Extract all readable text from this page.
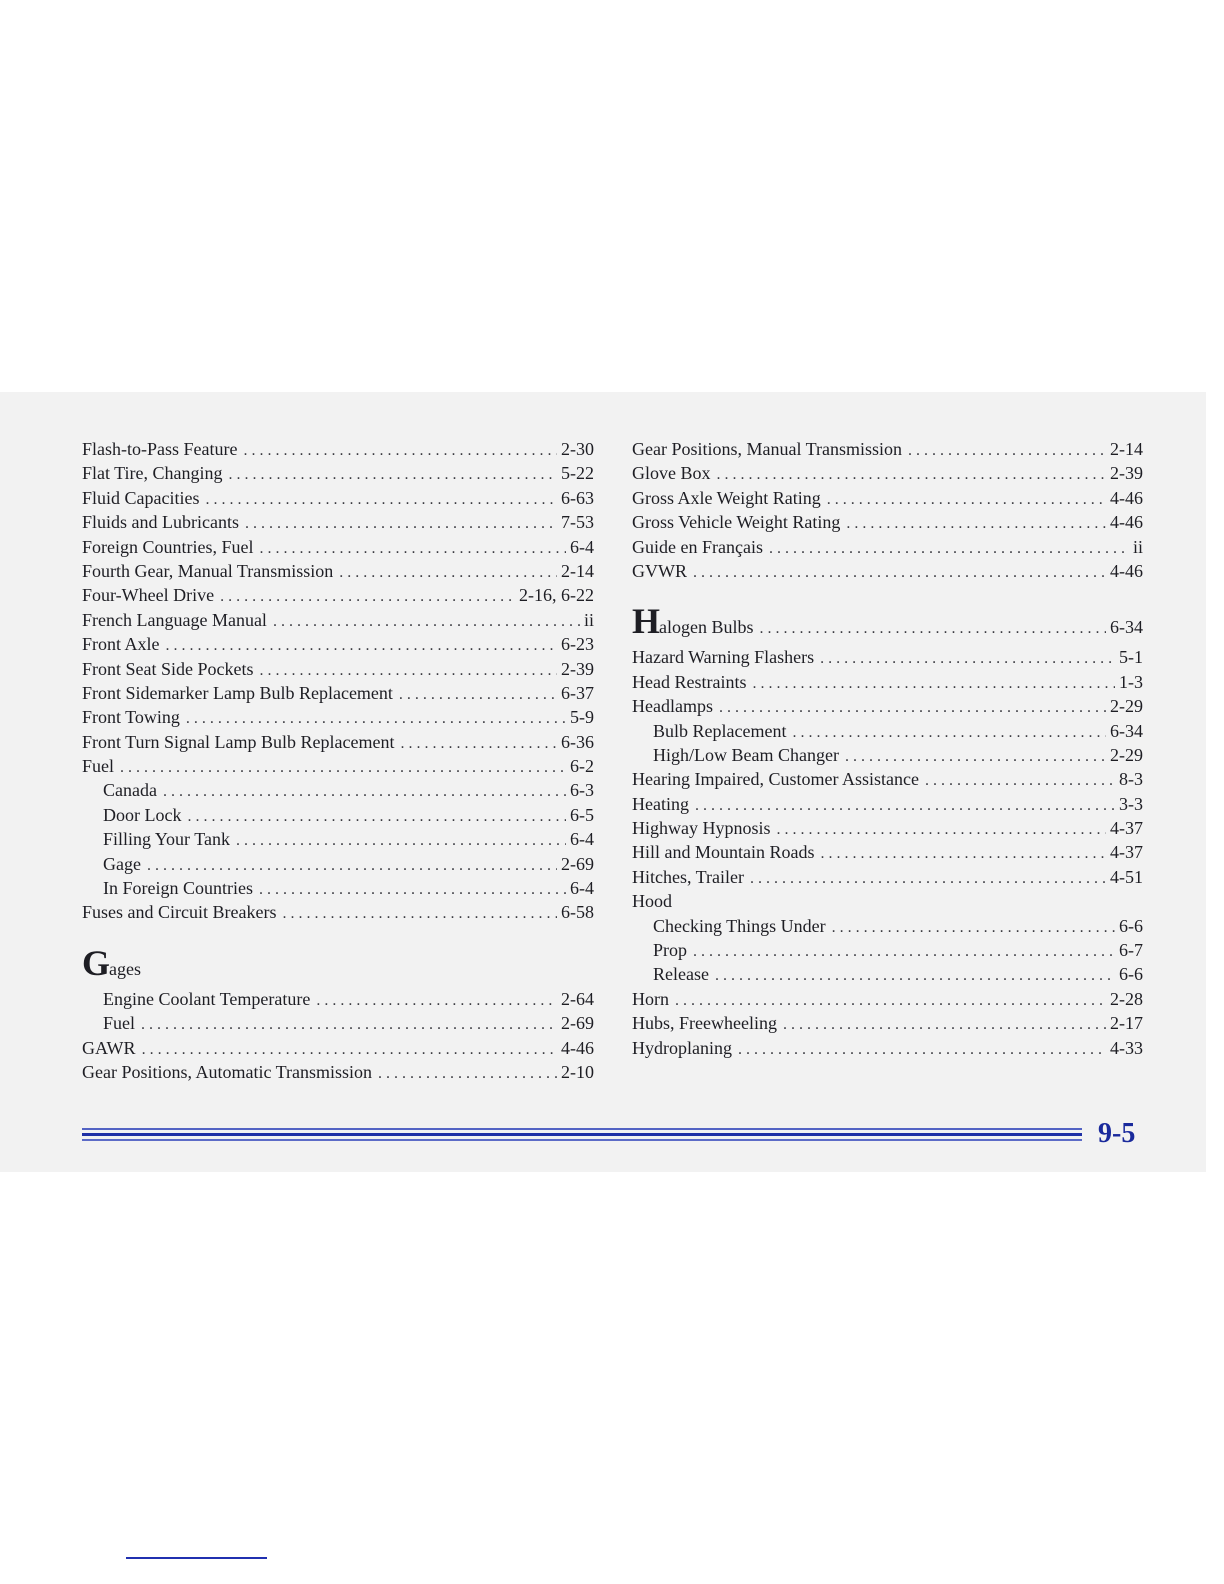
Flash-to-Pass Feature . . .	2-30
Flat Tire, Changing . . .	5-22
Fluid Capacities . . .	6-63
Fluids and Lubricants . . .	7-53
Foreign Countries, Fuel . . .	6-4
Fourth Gear, Manual Transmission . . .	2-14
Four-Wheel Drive . . .	2-16, 6-22
French Language Manual . . .	ii
Front Axle . . .	6-23
Front Seat Side Pockets . . .	2-39
Front Sidemarker Lamp Bulb Replacement . . .	6-37
Front Towing . . .	5-9
Front Turn Signal Lamp Bulb Replacement . . .	6-36
Fuel . . .	6-2
Canada . . .	6-3
Door Lock . . .	6-5
Filling Your Tank . . .	6-4
Gage . . .	2-69
In Foreign Countries . . .	6-4
Fuses and Circuit Breakers . . .	6-58
Gages
Engine Coolant Temperature . . .	2-64
Fuel . . .	2-69
GAWR . . .	4-46
Gear Positions, Automatic Transmission . . .	2-10
Gear Positions, Manual Transmission . . .	2-14
Glove Box . . .	2-39
Gross Axle Weight Rating . . .	4-46
Gross Vehicle Weight Rating . . .	4-46
Guide en Français . . .	ii
GVWR . . .	4-46
Halogen Bulbs . . .	6-34
Hazard Warning Flashers . . .	5-1
Head Restraints . . .	1-3
Headlamps . . .	2-29
Bulb Replacement . . .	6-34
High/Low Beam Changer . . .	2-29
Hearing Impaired, Customer Assistance . . .	8-3
Heating . . .	3-3
Highway Hypnosis . . .	4-37
Hill and Mountain Roads . . .	4-37
Hitches, Trailer . . .	4-51
Hood
Checking Things Under . . .	6-6
Prop . . .	6-7
Release . . .	6-6
Horn . . .	2-28
Hubs, Freewheeling . . .	2-17
Hydroplaning . . .	4-33
9-5
